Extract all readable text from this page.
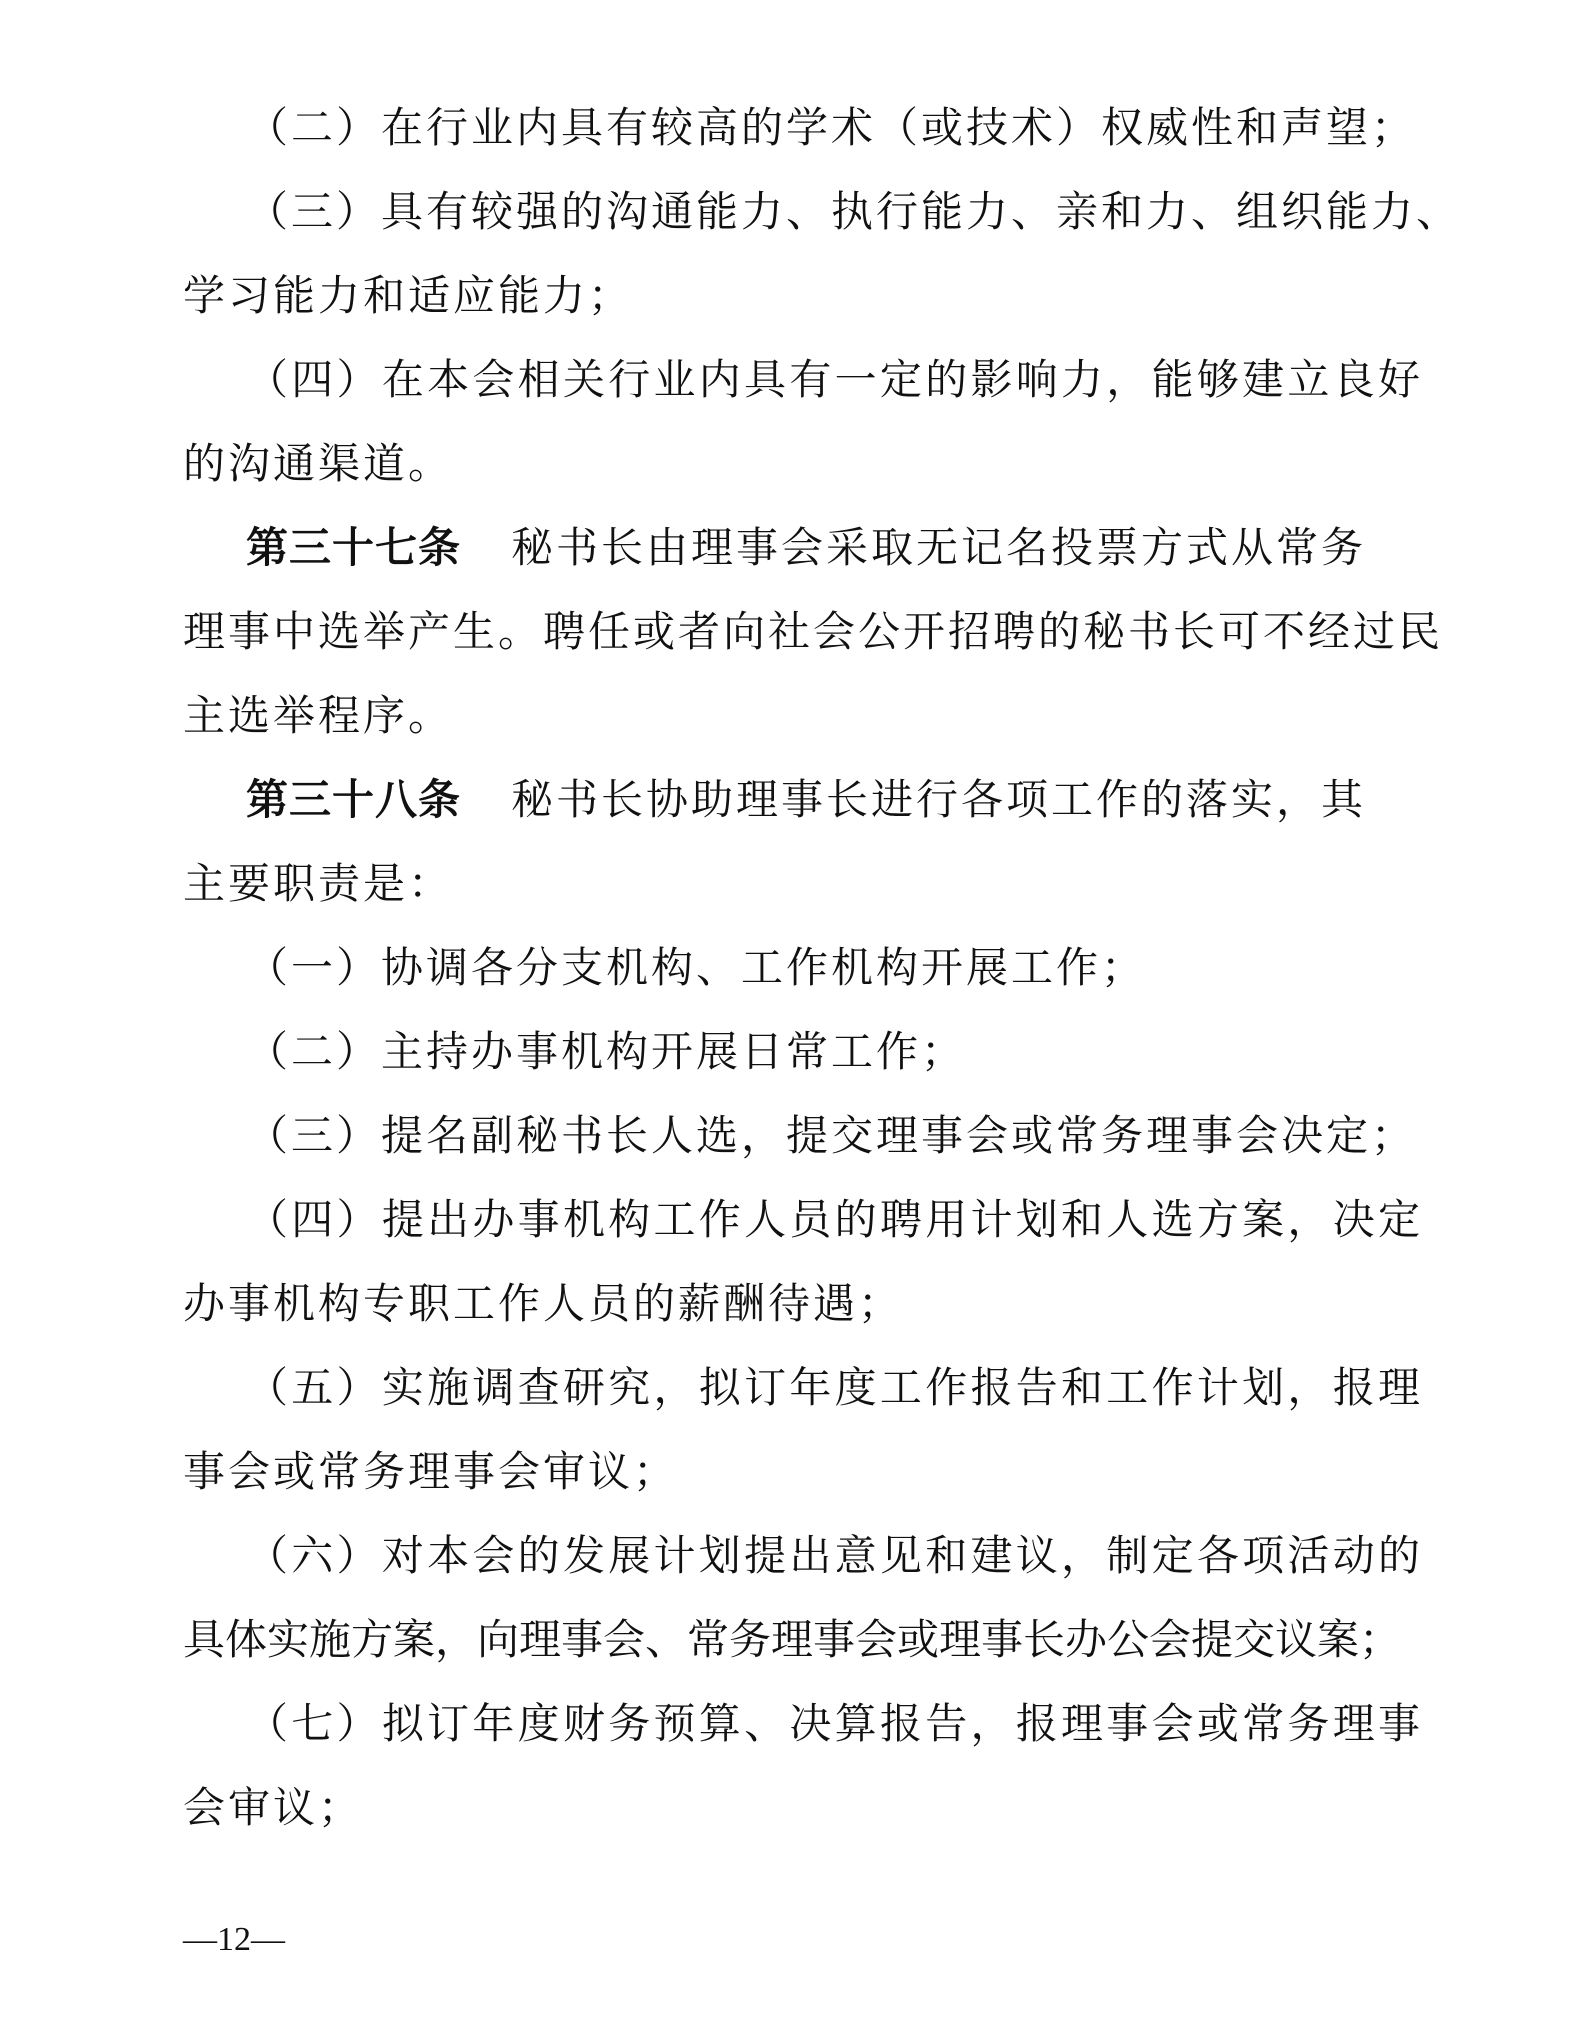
（二）在行业内具有较高的学术（或技术）权威性和声望；
（三）具有较强的沟通能力、执行能力、亲和力、组织能力、
学习能力和适应能力；
（四）在本会相关行业内具有一定的影响力，能够建立良好
的沟通渠道。
第三十七条 秘书长由理事会采取无记名投票方式从常务
理事中选举产生。聘任或者向社会公开招聘的秘书长可不经过民
主选举程序。
第三十八条 秘书长协助理事长进行各项工作的落实，其
主要职责是：
（一）协调各分支机构、工作机构开展工作；
（二）主持办事机构开展日常工作；
（三）提名副秘书长人选，提交理事会或常务理事会决定；
（四）提出办事机构工作人员的聘用计划和人选方案，决定
办事机构专职工作人员的薪酬待遇；
（五）实施调查研究，拟订年度工作报告和工作计划，报理
事会或常务理事会审议；
（六）对本会的发展计划提出意见和建议，制定各项活动的
具体实施方案，向理事会、常务理事会或理事长办公会提交议案；
（七）拟订年度财务预算、决算报告，报理事会或常务理事
会审议；
—12—
